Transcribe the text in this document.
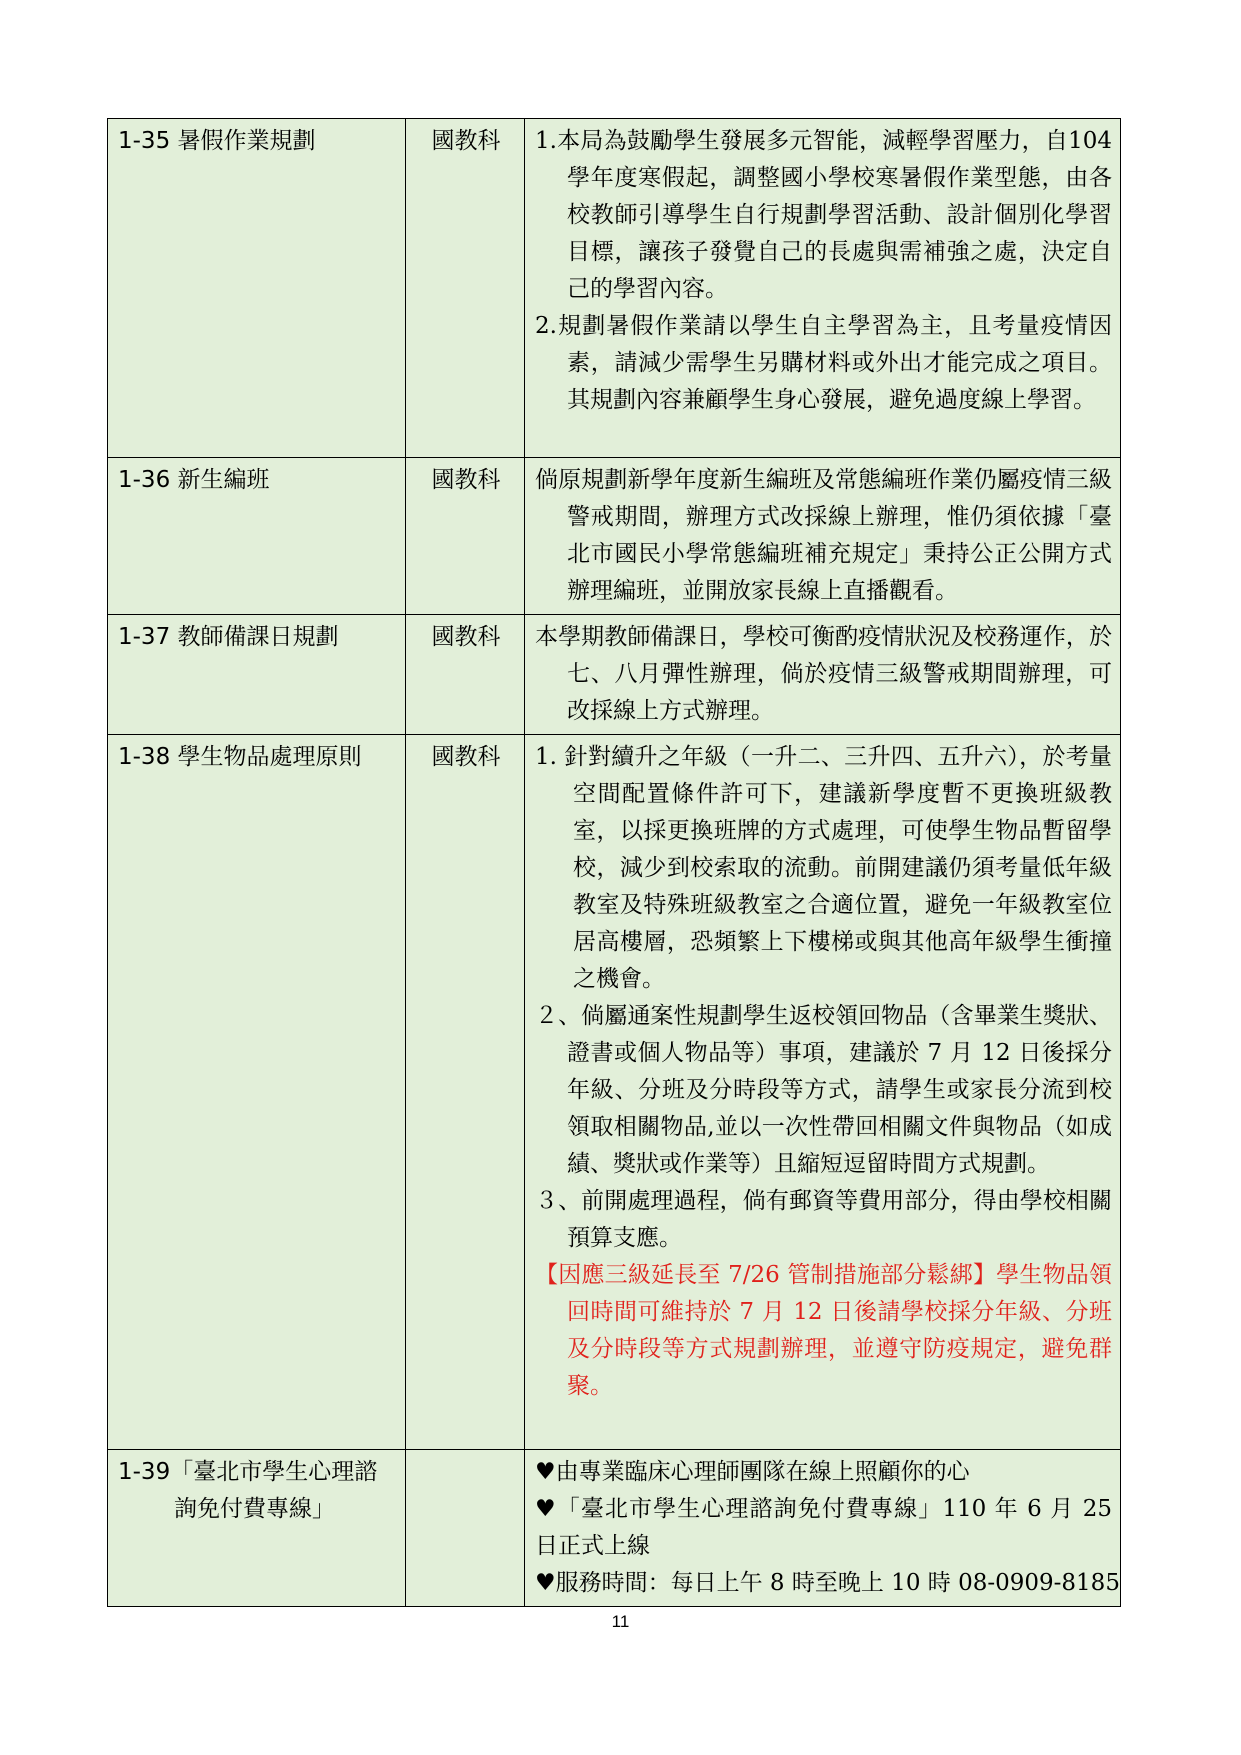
1-35 暑假作業規劃	國教科	1.本局為鼓勵學生發展多元智能，減輕學習壓力，自104 學年度寒假起，調整國小學校寒暑假作業型態，由各校教師引導學生自行規劃學習活動、設計個別化學習目標，讓孩子發覺自己的長處與需補強之處，決定自己的學習內容。

2.規劃暑假作業請以學生自主學習為主，且考量疫情因素，請減少需學生另購材料或外出才能完成之項目。其規劃內容兼顧學生身心發展，避免過度線上學習。

1-36 新生編班	國教科	倘原規劃新學年度新生編班及常態編班作業仍屬疫情三級警戒期間，辦理方式改採線上辦理，惟仍須依據「臺北市國民小學常態編班補充規定」秉持公正公開方式辦理編班，並開放家長線上直播觀看。

1-37 教師備課日規劃	國教科	本學期教師備課日，學校可衡酌疫情狀況及校務運作，於七、八月彈性辦理，倘於疫情三級警戒期間辦理，可改採線上方式辦理。

1-38 學生物品處理原則	國教科	1. 針對續升之年級（一升二、三升四、五升六），於考量空間配置條件許可下，建議新學度暫不更換班級教室，以採更換班牌的方式處理，可使學生物品暫留學校，減少到校索取的流動。前開建議仍須考量低年級教室及特殊班級教室之合適位置，避免一年級教室位居高樓層，恐頻繁上下樓梯或與其他高年級學生衝撞之機會。

２、倘屬通案性規劃學生返校領回物品（含畢業生獎狀、證書或個人物品等）事項，建議於 7 月 12 日後採分年級、分班及分時段等方式，請學生或家長分流到校領取相關物品,並以一次性帶回相關文件與物品（如成績、獎狀或作業等）且縮短逗留時間方式規劃。

３、前開處理過程，倘有郵資等費用部分，得由學校相關預算支應。

【因應三級延長至 7/26 管制措施部分鬆綁】學生物品領回時間可維持於 7 月 12 日後請學校採分年級、分班及分時段等方式規劃辦理，並遵守防疫規定，避免群聚。

1-39「臺北市學生心理諮詢免付費專線」		♥由專業臨床心理師團隊在線上照顧你的心

♥「臺北市學生心理諮詢免付費專線」110 年 6 月 25 日正式上線

♥服務時間：每日上午 8 時至晚上 10 時 08-0909-8185

11
